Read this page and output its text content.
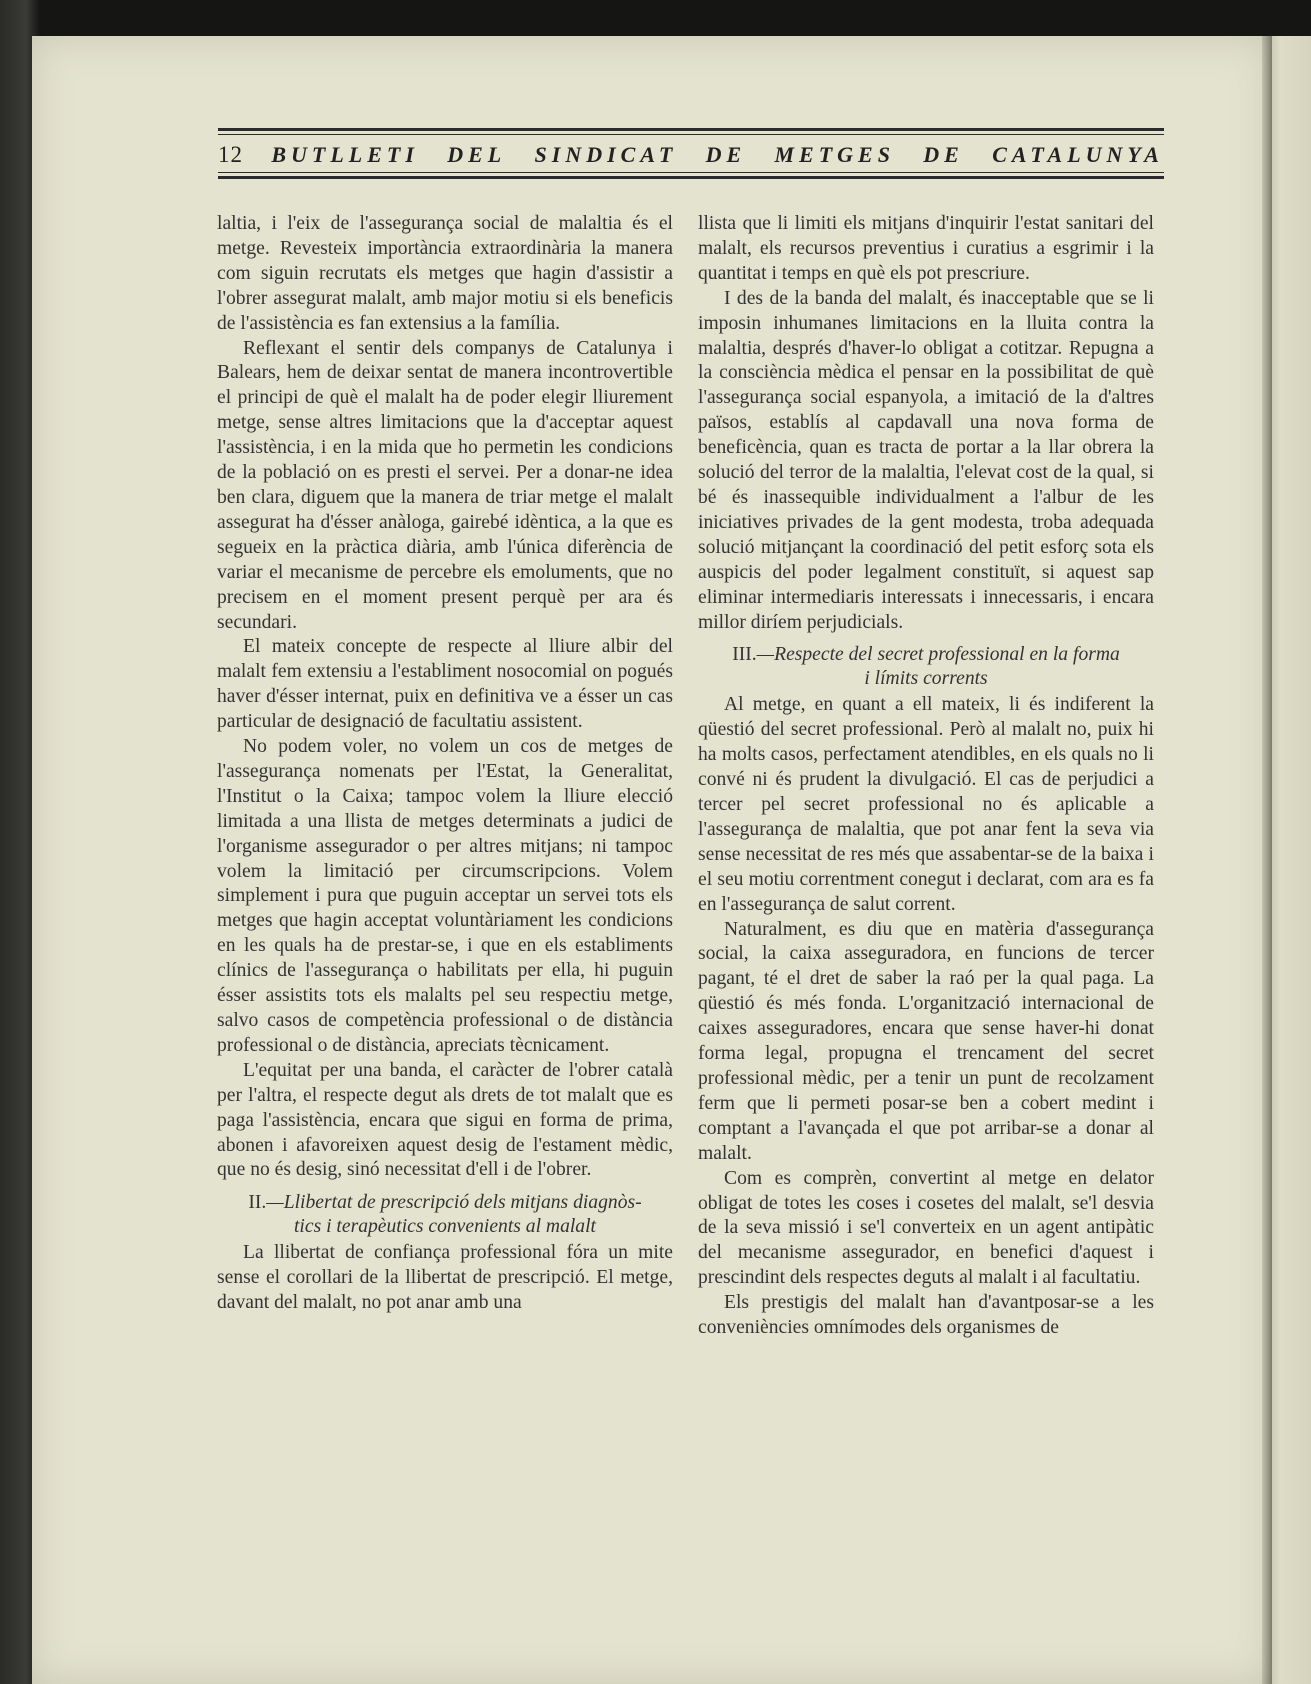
12 BUTLLETI DEL SINDICAT DE METGES DE CATALUNYA

laltia, i l'eix de l'assegurança social de malaltia és el metge. Revesteix importància extraordinària la manera com siguin recrutats els metges que hagin d'assistir a l'obrer assegurat malalt, amb major motiu si els beneficis de l'assistència es fan extensius a la família.

Reflexant el sentir dels companys de Catalunya i Balears, hem de deixar sentat de manera incontrovertible el principi de què el malalt ha de poder elegir lliurement metge, sense altres limitacions que la d'acceptar aquest l'assistència, i en la mida que ho permetin les condicions de la població on es presti el servei. Per a donar-ne idea ben clara, diguem que la manera de triar metge el malalt assegurat ha d'ésser anàloga, gairebé idèntica, a la que es segueix en la pràctica diària, amb l'única diferència de variar el mecanisme de percebre els emoluments, que no precisem en el moment present perquè per ara és secundari.

El mateix concepte de respecte al lliure albir del malalt fem extensiu a l'establiment nosocomial on pogués haver d'ésser internat, puix en definitiva ve a ésser un cas particular de designació de facultatiu assistent.

No podem voler, no volem un cos de metges de l'assegurança nomenats per l'Estat, la Generalitat, l'Institut o la Caixa; tampoc volem la lliure elecció limitada a una llista de metges determinats a judici de l'organisme assegurador o per altres mitjans; ni tampoc volem la limitació per circumscripcions. Volem simplement i pura que puguin acceptar un servei tots els metges que hagin acceptat voluntàriament les condicions en les quals ha de prestar-se, i que en els establiments clínics de l'assegurança o habilitats per ella, hi puguin ésser assistits tots els malalts pel seu respectiu metge, salvo casos de competència professional o de distància professional o de distància, apreciats tècnicament.

L'equitat per una banda, el caràcter de l'obrer català per l'altra, el respecte degut als drets de tot malalt que es paga l'assistència, encara que sigui en forma de prima, abonen i afavoreixen aquest desig de l'estament mèdic, que no és desig, sinó necessitat d'ell i de l'obrer.

II.—Llibertat de prescripció dels mitjans diagnòs-
tics i terapèutics convenients al malalt

La llibertat de confiança professional fóra un mite sense el corollari de la llibertat de prescripció. El metge, davant del malalt, no pot anar amb una

llista que li limiti els mitjans d'inquirir l'estat sanitari del malalt, els recursos preventius i curatius a esgrimir i la quantitat i temps en què els pot prescriure.

I des de la banda del malalt, és inacceptable que se li imposin inhumanes limitacions en la lluita contra la malaltia, després d'haver-lo obligat a cotitzar. Repugna a la consciència mèdica el pensar en la possibilitat de què l'assegurança social espanyola, a imitació de la d'altres països, establís al capdavall una nova forma de beneficència, quan es tracta de portar a la llar obrera la solució del terror de la malaltia, l'elevat cost de la qual, si bé és inassequible individualment a l'albur de les iniciatives privades de la gent modesta, troba adequada solució mitjançant la coordinació del petit esforç sota els auspicis del poder legalment constituït, si aquest sap eliminar intermediaris interessats i innecessaris, i encara millor diríem perjudicials.

III.—Respecte del secret professional en la forma
i límits corrents

Al metge, en quant a ell mateix, li és indiferent la qüestió del secret professional. Però al malalt no, puix hi ha molts casos, perfectament atendibles, en els quals no li convé ni és prudent la divulgació. El cas de perjudici a tercer pel secret professional no és aplicable a l'assegurança de malaltia, que pot anar fent la seva via sense necessitat de res més que assabentar-se de la baixa i el seu motiu correntment conegut i declarat, com ara es fa en l'assegurança de salut corrent.

Naturalment, es diu que en matèria d'assegurança social, la caixa asseguradora, en funcions de tercer pagant, té el dret de saber la raó per la qual paga. La qüestió és més fonda. L'organització internacional de caixes asseguradores, encara que sense haver-hi donat forma legal, propugna el trencament del secret professional mèdic, per a tenir un punt de recolzament ferm que li permeti posar-se ben a cobert medint i comptant a l'avançada el que pot arribar-se a donar al malalt.

Com es comprèn, convertint al metge en delator obligat de totes les coses i cosetes del malalt, se'l desvia de la seva missió i se'l converteix en un agent antipàtic del mecanisme assegurador, en benefici d'aquest i prescindint dels respectes deguts al malalt i al facultatiu.

Els prestigis del malalt han d'avantposar-se a les conveniències omnímodes dels organismes de
